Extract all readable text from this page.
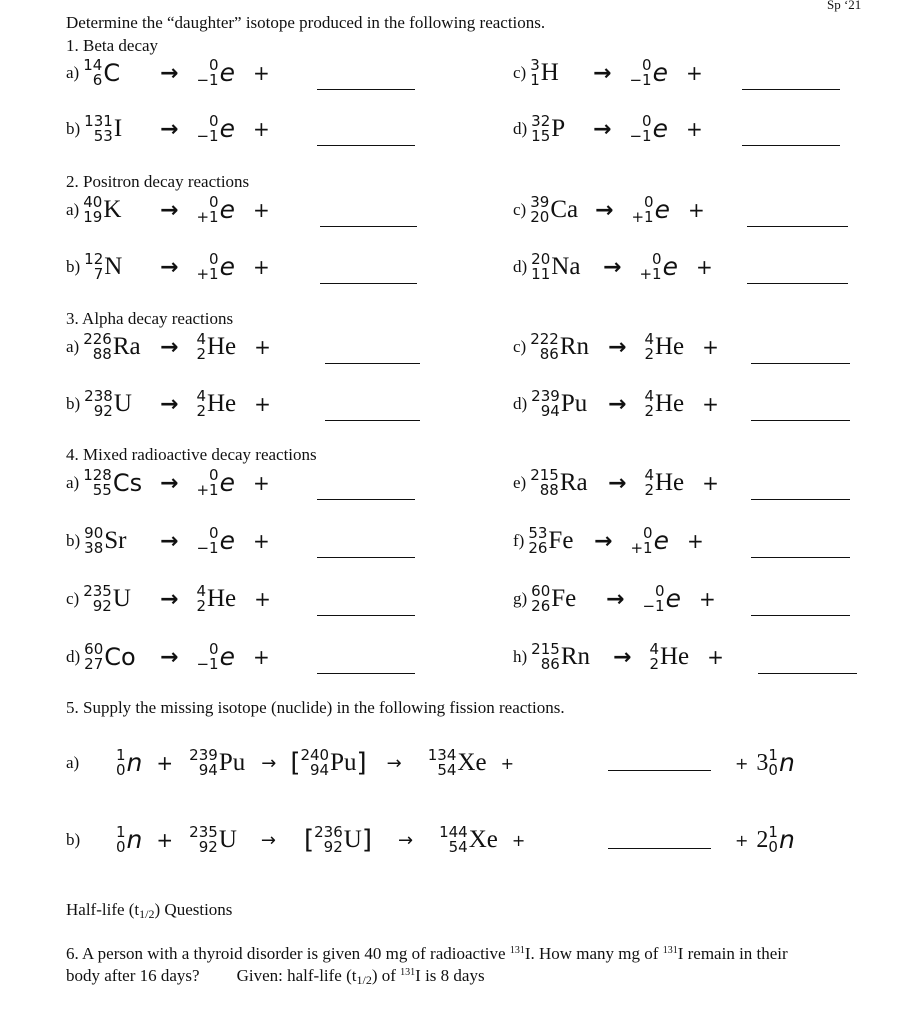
Sp ‘21
Determine the “daughter” isotope produced in the following reactions.
1. Beta decay
2. Positron decay reactions
3. Alpha decay reactions
4. Mixed radioactive decay reactions
5. Supply the missing isotope (nuclide) in the following fission reactions.
a) 14
6 C → 0
−1 e +
b) 131
53 I → 0
−1 e +
c) 3
1 H → 0
−1 e +
d) 32
15 P → 0
−1 e +
a) 40
19 K → 0
+1 e +
b) 12
7 N → 0
+1 e +
c) 39
20 Ca → 0
+1 e +
d) 20
11 Na → 0
+1 e +
a) 226
88 Ra → 4
2 He +
b) 238
92 U → 4
2 He +
c) 222
86 Rn → 4
2 He +
d) 239
94 Pu → 4
2 He +
a) 128
55 Cs → 0
+1 e +
b) 90
38 Sr → 0
−1 e +
c) 235
92 U → 4
2 He +
d) 60
27 Co → 0
−1 e +
e) 215
88 Ra → 4
2 He +
f) 53
26 Fe → 0
+1 e +
g) 60
26 Fe → 0
−1 e +
h) 215
86 Rn → 4
2 He +
a)	1
0 n + 239
94 Pu → [ 240
94 Pu ] → 134
54 Xe +	+ 3 1
0 n
b)	1
0 n + 235
92 U → [ 236
92 U ] → 144
54 Xe +	+ 2 1
0 n
Half-life (t1/2) Questions
6. A person with a thyroid disorder is given 40 mg of radioactive $^{131}$I. How many mg of $^{131}$I remain in their
body after 16 days? Given: half-life (t1/2) of $^{131}$I is 8 days
